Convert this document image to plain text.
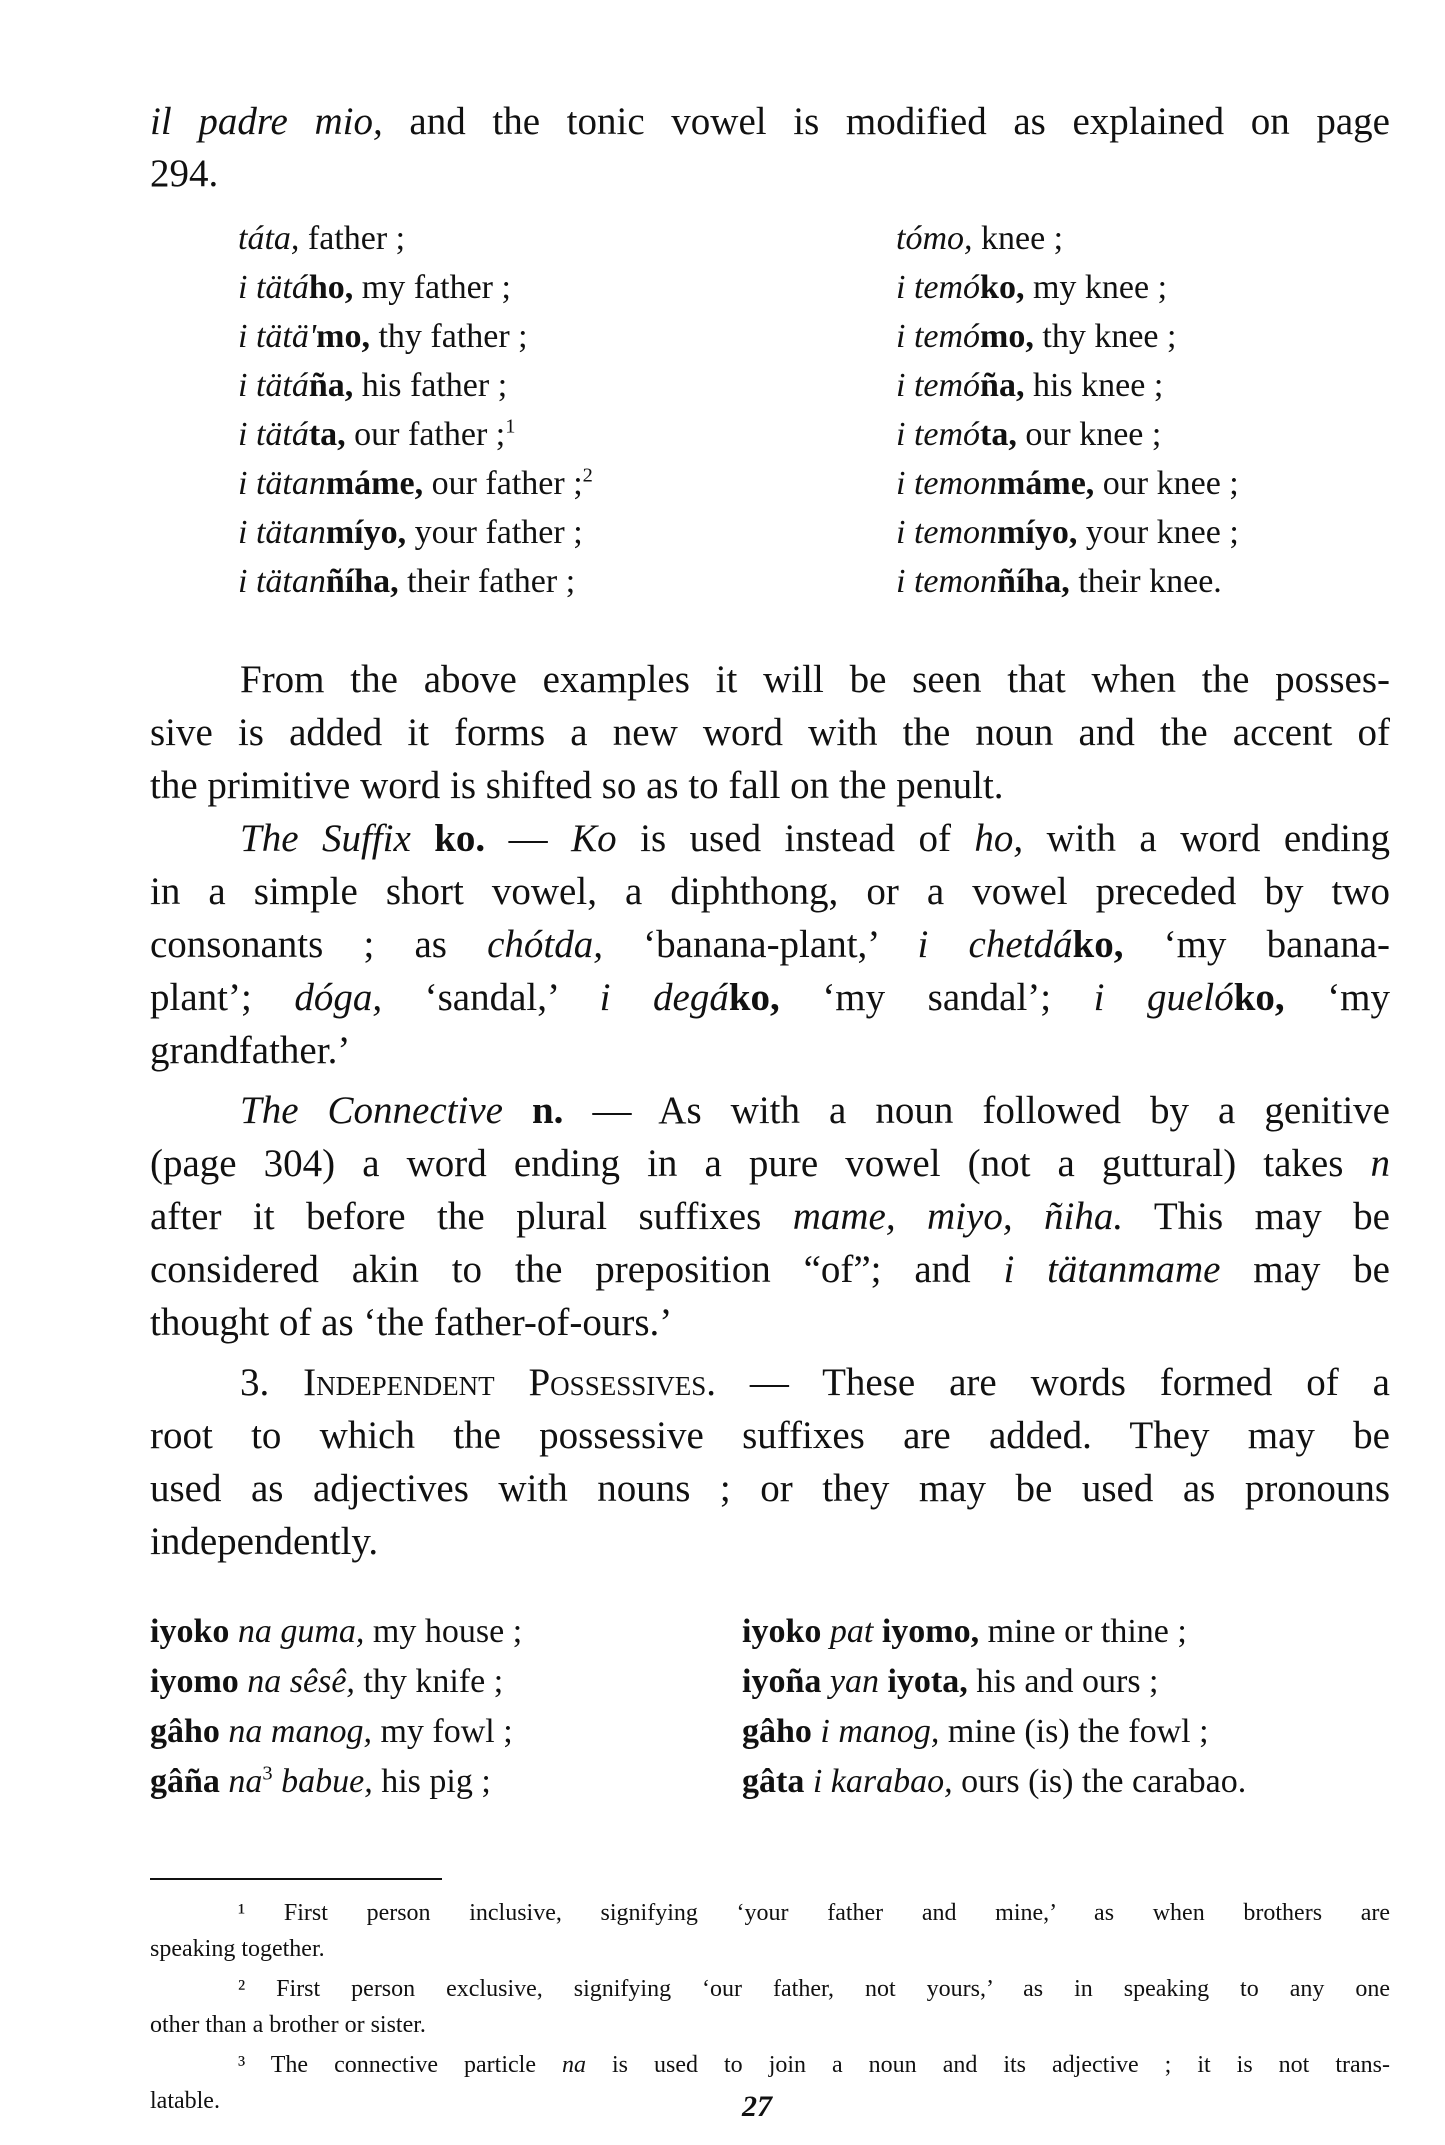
il padre mio, and the tonic vowel is modified as explained on page
294.
táta, father ;
i tätáho, my father ;
i tätä'mo, thy father ;
i tätáña, his father ;
i tätáta, our father ;$^1$
i tätanmáme, our father ;$^2$
i tätanmíyo, your father ;
i tätanñíha, their father ;
tómo, knee ;
i temóko, my knee ;
i temómo, thy knee ;
i temóña, his knee ;
i temóta, our knee ;
i temonmáme, our knee ;
i temonmíyo, your knee ;
i temonñíha, their knee.
From the above examples it will be seen that when the posses-
sive is added it forms a new word with the noun and the accent of
the primitive word is shifted so as to fall on the penult.
The Suffix ko. — Ko is used instead of ho, with a word ending
in a simple short vowel, a diphthong, or a vowel preceded by two
consonants ; as chótda, ‘banana-plant,’ i chetdáko, ‘my banana-
plant’; dóga, ‘sandal,’ i degáko, ‘my sandal’; i guelóko, ‘my
grandfather.’
The Connective n. — As with a noun followed by a genitive
(page 304) a word ending in a pure vowel (not a guttural) takes n
after it before the plural suffixes mame, miyo, ñiha. This may be
considered akin to the preposition “of”; and i tätanmame may be
thought of as ‘the father-of-ours.’
3. Independent Possessives. — These are words formed of a
root to which the possessive suffixes are added. They may be
used as adjectives with nouns ; or they may be used as pronouns
independently.
iyoko na guma, my house ;
iyomo na sêsê, thy knife ;
gâho na manog, my fowl ;
gâña $na^3$ babue, his pig ;
iyoko pat iyomo, mine or thine ;
iyoña yan iyota, his and ours ;
gâho i manog, mine (is) the fowl ;
gâta i karabao, ours (is) the carabao.
¹ First person inclusive, signifying ‘your father and mine,’ as when brothers are
speaking together.
² First person exclusive, signifying ‘our father, not yours,’ as in speaking to any one
other than a brother or sister.
³ The connective particle na is used to join a noun and its adjective ; it is not trans-
latable.	27
